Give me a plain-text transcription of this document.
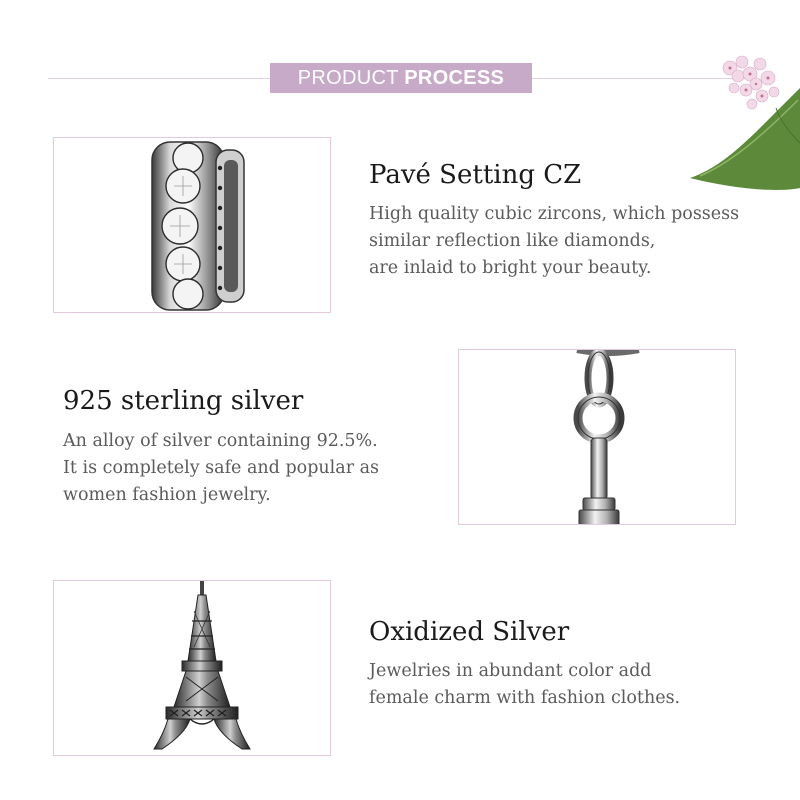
PRODUCT PROCESS
Pavé Setting CZ

High quality cubic zircons, which possess
similar reflection like diamonds,
are inlaid to bright your beauty.

925 sterling silver

An alloy of silver containing 92.5%.
It is completely safe and popular as
women fashion jewelry.

Oxidized Silver

Jewelries in abundant color add
female charm with fashion clothes.
